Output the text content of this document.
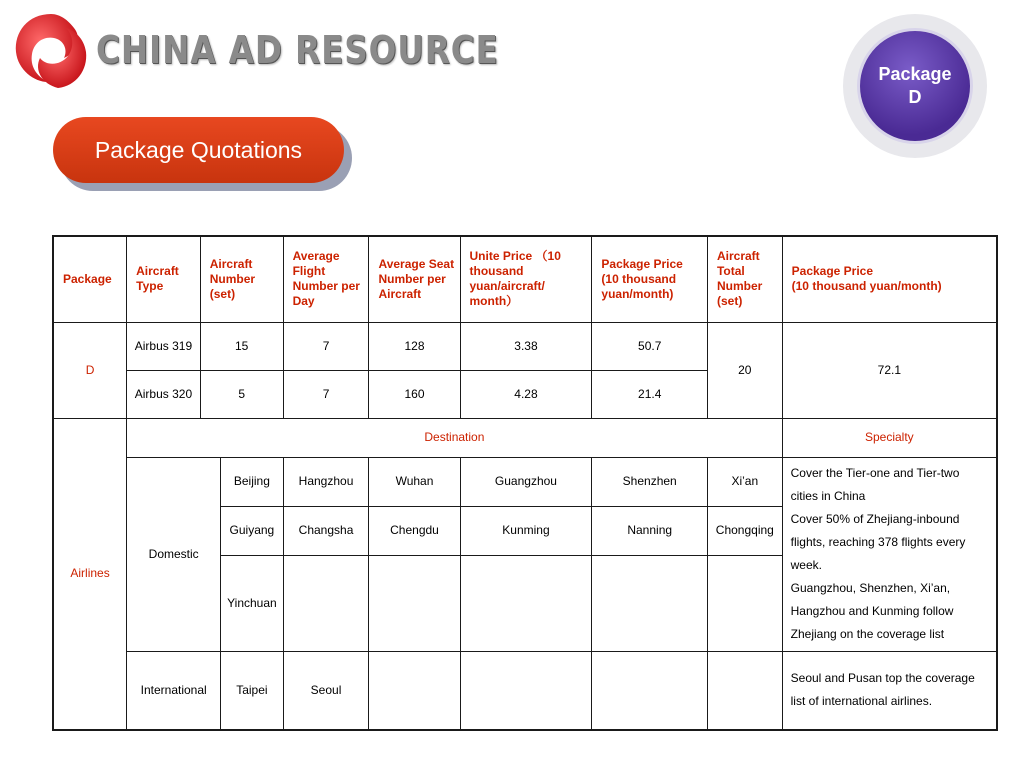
CHINA AD RESOURCE
Package
D
Package Quotations
Package	Aircraft Type	Aircraft Number (set)		Average Flight Number per Day	Average Seat Number per Aircraft	Unite Price （10 thousand yuan/aircraft/ month）	Package Price (10 thousand yuan/month)	Aircraft Total Number (set)	Package Price
(10 thousand yuan/month)
D	Airbus 319	15		7	128	3.38	50.7	20	72.1
	Airbus 320	5		7	160	4.28	21.4		
Airlines	Destination								Specialty
	Domestic		Beijing	Hangzhou	Wuhan	Guangzhou	Shenzhen	Xi’an	Cover the Tier-one and Tier-two cities in China
Cover 50% of Zhejiang-inbound flights, reaching 378 flights every week.
Guangzhou, Shenzhen, Xi’an, Hangzhou and Kunming follow Zhejiang on the coverage list

			Guiyang	Changsha	Chengdu	Kunming	Nanning	Chongqing	
			Yinchuan						
	International		Taipei	Seoul					Seoul and Pusan top the coverage list of international airlines.
